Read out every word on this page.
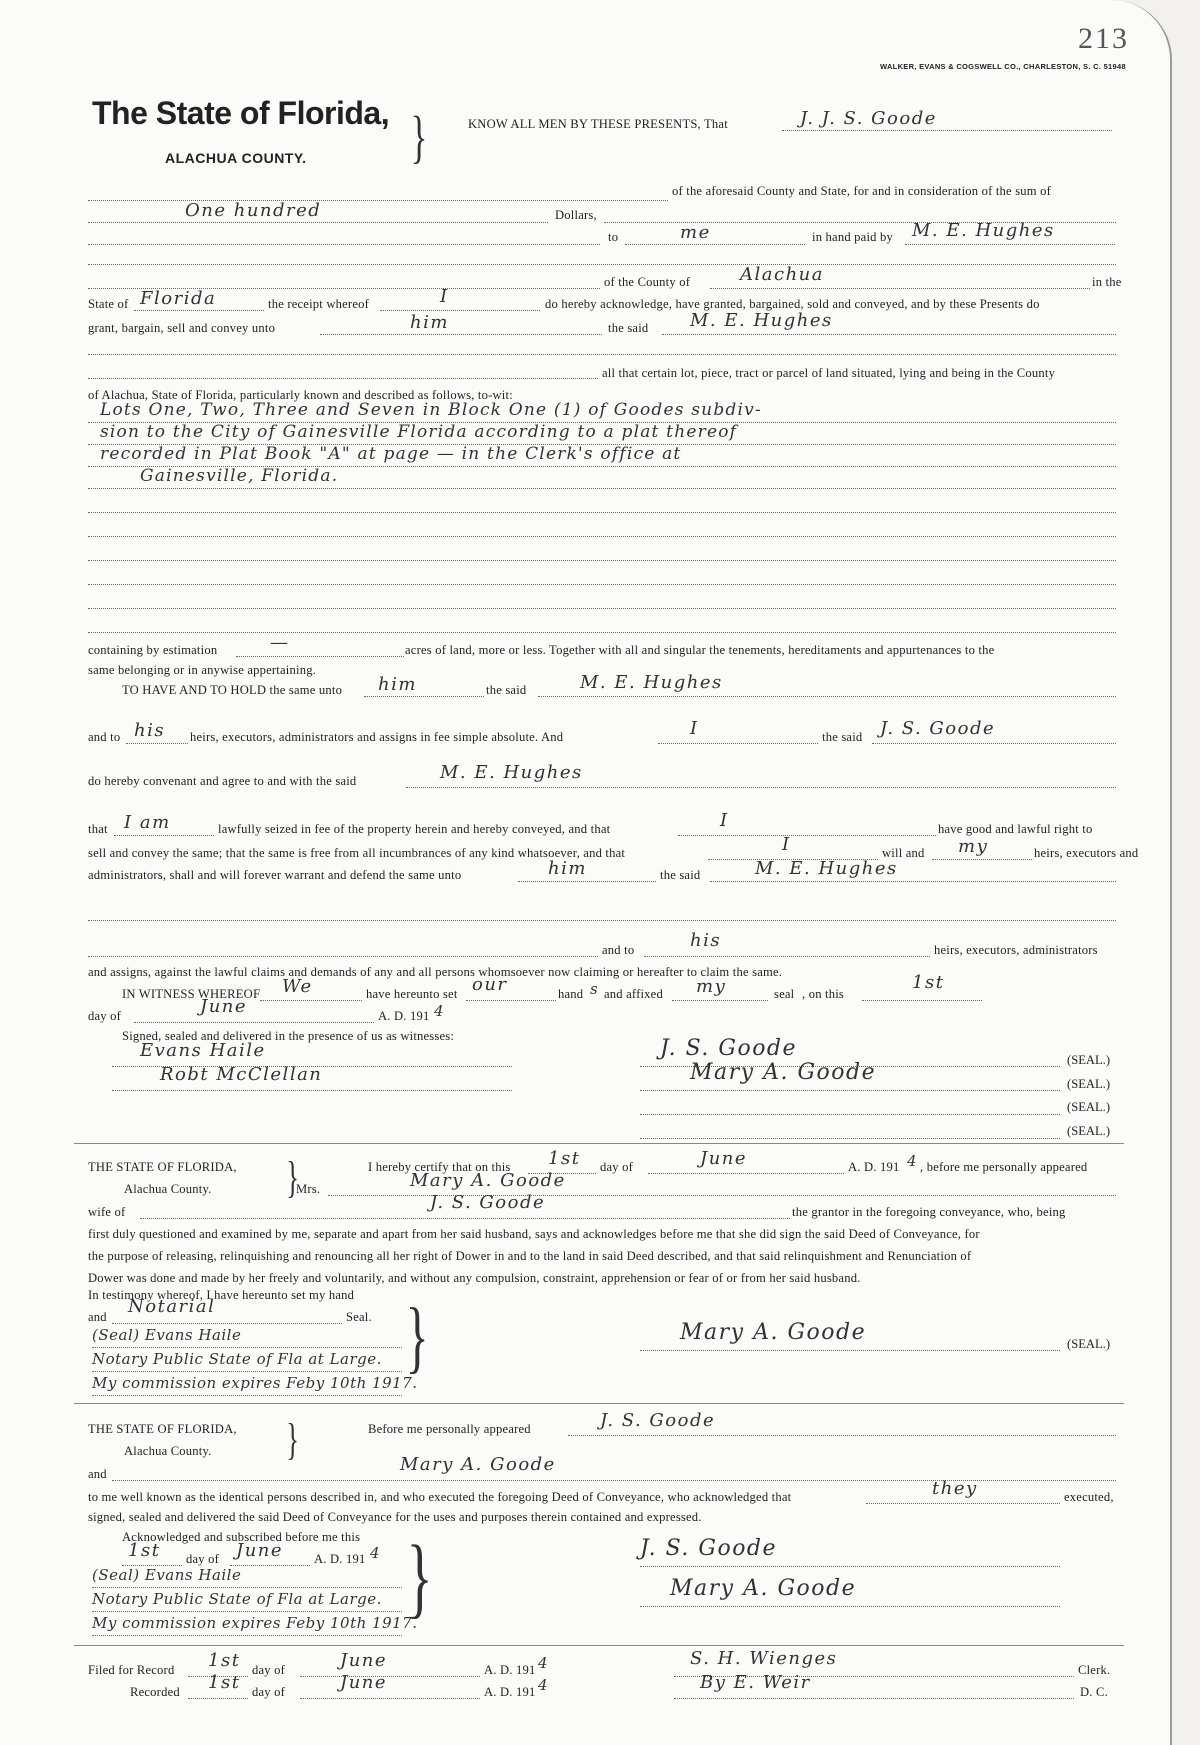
213
WALKER, EVANS & COGSWELL CO., CHARLESTON, S. C. 51948
The State of Florida,
ALACHUA COUNTY. }	KNOW ALL MEN BY THESE PRESENTS, That	J. J. S. Goode
of the aforesaid County and State, for and in consideration of the sum of
One hundred	Dollars,
to	me	in hand paid by M. E. Hughes
of the County of	Alachua	in the
State of Florida	the receipt whereof	I	do hereby acknowledge, have granted, bargained, sold and conveyed, and by these Presents do
grant, bargain, sell and convey unto	him	the said M. E. Hughes
all that certain lot, piece, tract or parcel of land situated, lying and being in the County
of Alachua, State of Florida, particularly known and described as follows, to-wit:
Lots One, Two, Three and Seven in Block One (1) of Goodes subdiv-
sion to the City of Gainesville Florida according to a plat thereof
recorded in Plat Book "A" at page — in the Clerk's office at
Gainesville, Florida.
containing by estimation	—	acres of land, more or less. Together with all and singular the tenements, hereditaments and appurtenances to the
same belonging or in anywise appertaining.
TO HAVE AND TO HOLD the same unto him	the said	M. E. Hughes
and to his heirs, executors, administrators and assigns in fee simple absolute. And	I	the said J. S. Goode
do hereby convenant and agree to and with the said	M. E. Hughes
that I am	lawfully seized in fee of the property herein and hereby conveyed, and that	I	have good and lawful right to
sell and convey the same; that the same is free from all incumbrances of any kind whatsoever, and that	I	will and my	heirs, executors and
administrators, shall and will forever warrant and defend the same unto	him	the said	M. E. Hughes
and to	his	heirs, executors, administrators
and assigns, against the lawful claims and demands of any and all persons whomsoever now claiming or hereafter to claim the same.
IN WITNESS WHEREOF We	have hereunto set our	hand s and affixed my	seal , on this
1st
day of	June	A. D. 191 4
Signed, sealed and delivered in the presence of us as witnesses:
Evans Haile
Robt McClellan
J. S. Goode
Mary A. Goode	(SEAL.)
(SEAL.)
(SEAL.)
(SEAL.)
THE STATE OF FLORIDA,
Alachua County. }	I hereby certify that on this 1st day of	June	A. D. 191 4 , before me personally appeared
Mrs.	Mary A. Goode
wife of	J. S. Goode	the grantor in the foregoing conveyance, who, being
first duly questioned and examined by me, separate and apart from her said husband, says and acknowledges before me that she did sign the said Deed of Conveyance, for
the purpose of releasing, relinquishing and renouncing all her right of Dower in and to the land in said Deed described, and that said relinquishment and Renunciation of
Dower was done and made by her freely and voluntarily, and without any compulsion, constraint, apprehension or fear of or from her said husband.
In testimony whereof, I have hereunto set my hand
and Notarial	Seal.
(Seal) Evans Haile
Notary Public State of Fla at Large.
My commission expires Feby 10th 1917.
}	Mary A. Goode	(SEAL.)
THE STATE OF FLORIDA,
Alachua County. }	Before me personally appeared	J. S. Goode
and	Mary A. Goode
to me well known as the identical persons described in, and who executed the foregoing Deed of Conveyance, who acknowledged that	they	executed,
signed, sealed and delivered the said Deed of Conveyance for the uses and purposes therein contained and expressed.
Acknowledged and subscribed before me this
1st day of June A. D. 191 4
(Seal) Evans Haile
Notary Public State of Fla at Large.
My commission expires Feby 10th 1917.
}	J. S. Goode
Mary A. Goode
Filed for Record 1st day of	June	A. D. 191 4
Recorded 1st day of	June	A. D. 191 4
S. H. Wienges
Clerk.
By E. Weir	D. C.
